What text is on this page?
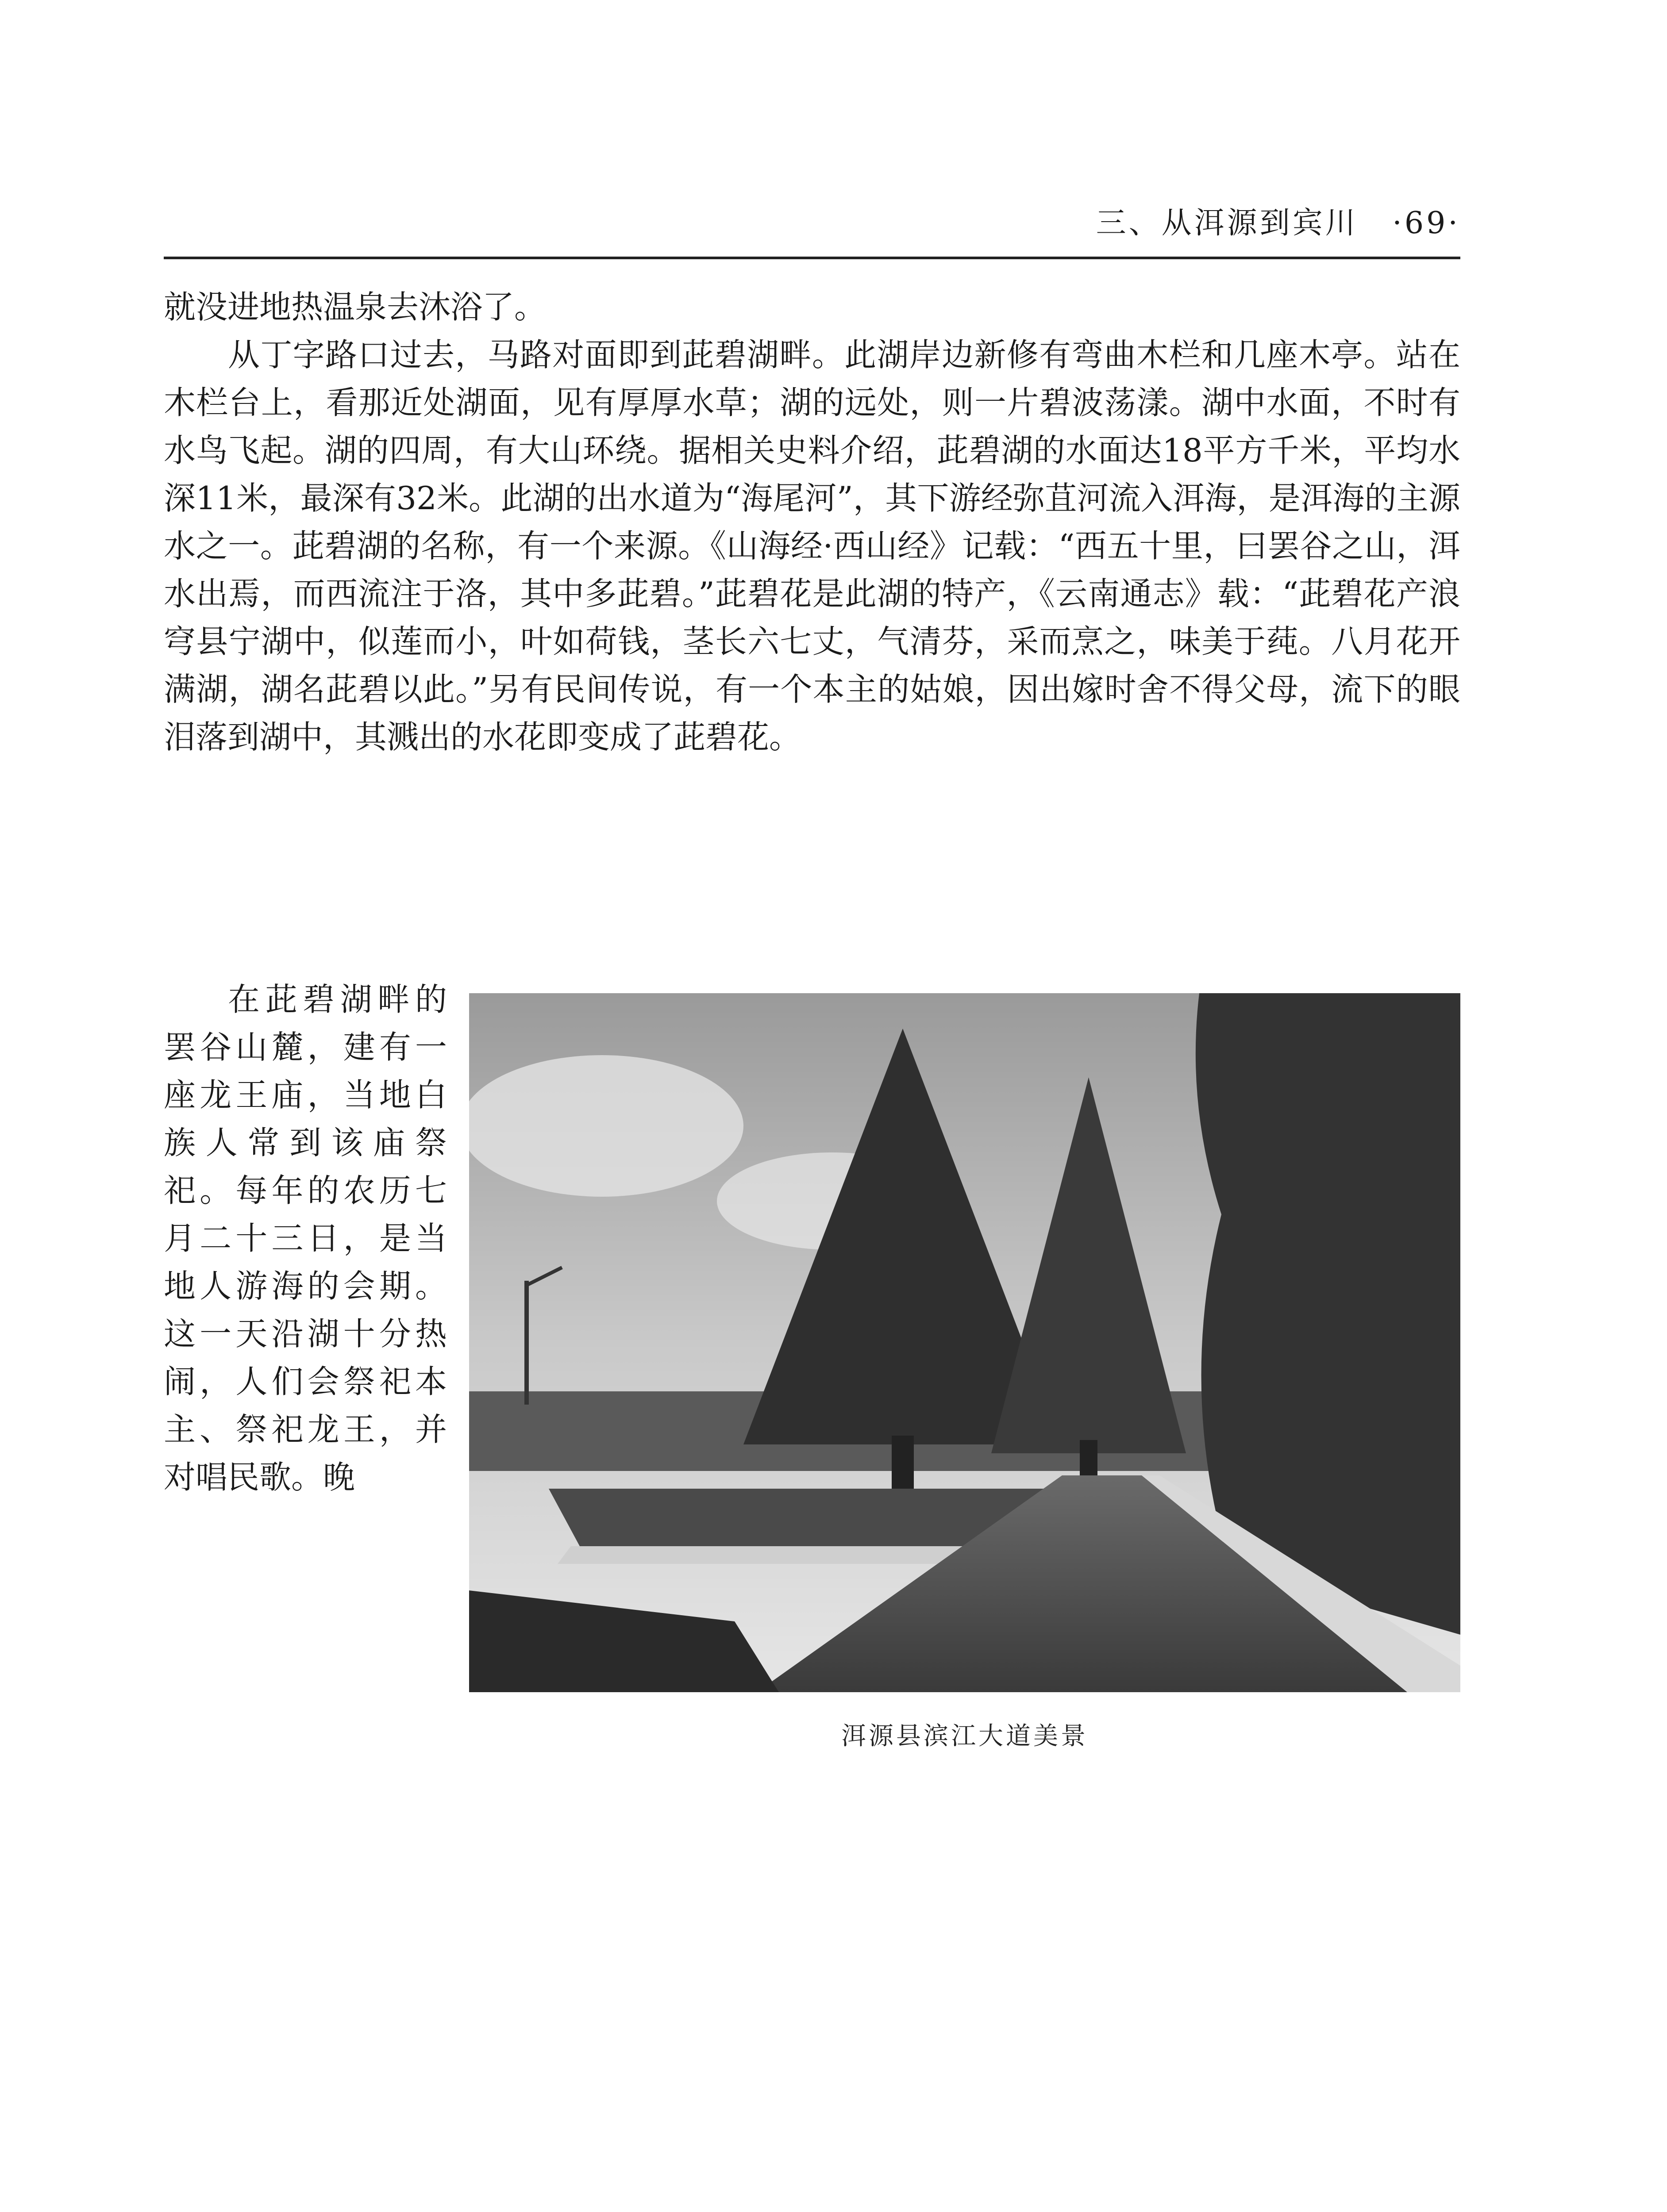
三、从洱源到宾川 ·69·

就没进地热温泉去沐浴了。

从丁字路口过去，马路对面即到茈碧湖畔。此湖岸边新修有弯曲木栏和几座木亭。站在木栏台上，看那近处湖面，见有厚厚水草；湖的远处，则一片碧波荡漾。湖中水面，不时有水鸟飞起。湖的四周，有大山环绕。据相关史料介绍，茈碧湖的水面达18平方千米，平均水深11米，最深有32米。此湖的出水道为“海尾河”，其下游经弥苴河流入洱海，是洱海的主源水之一。茈碧湖的名称，有一个来源。《山海经·西山经》记载：“西五十里，曰罢谷之山，洱水出焉，而西流注于洛，其中多茈碧。”茈碧花是此湖的特产，《云南通志》载：“茈碧花产浪穹县宁湖中，似莲而小，叶如荷钱，茎长六七丈，气清芬，采而烹之，味美于莼。八月花开满湖，湖名茈碧以此。”另有民间传说，有一个本主的姑娘，因出嫁时舍不得父母，流下的眼泪落到湖中，其溅出的水花即变成了茈碧花。

在茈碧湖畔的罢谷山麓，建有一座龙王庙，当地白族人常到该庙祭祀。每年的农历七月二十三日，是当地人游海的会期。这一天沿湖十分热闹，人们会祭祀本主、祭祀龙王，并对唱民歌。晚

洱源县滨江大道美景
